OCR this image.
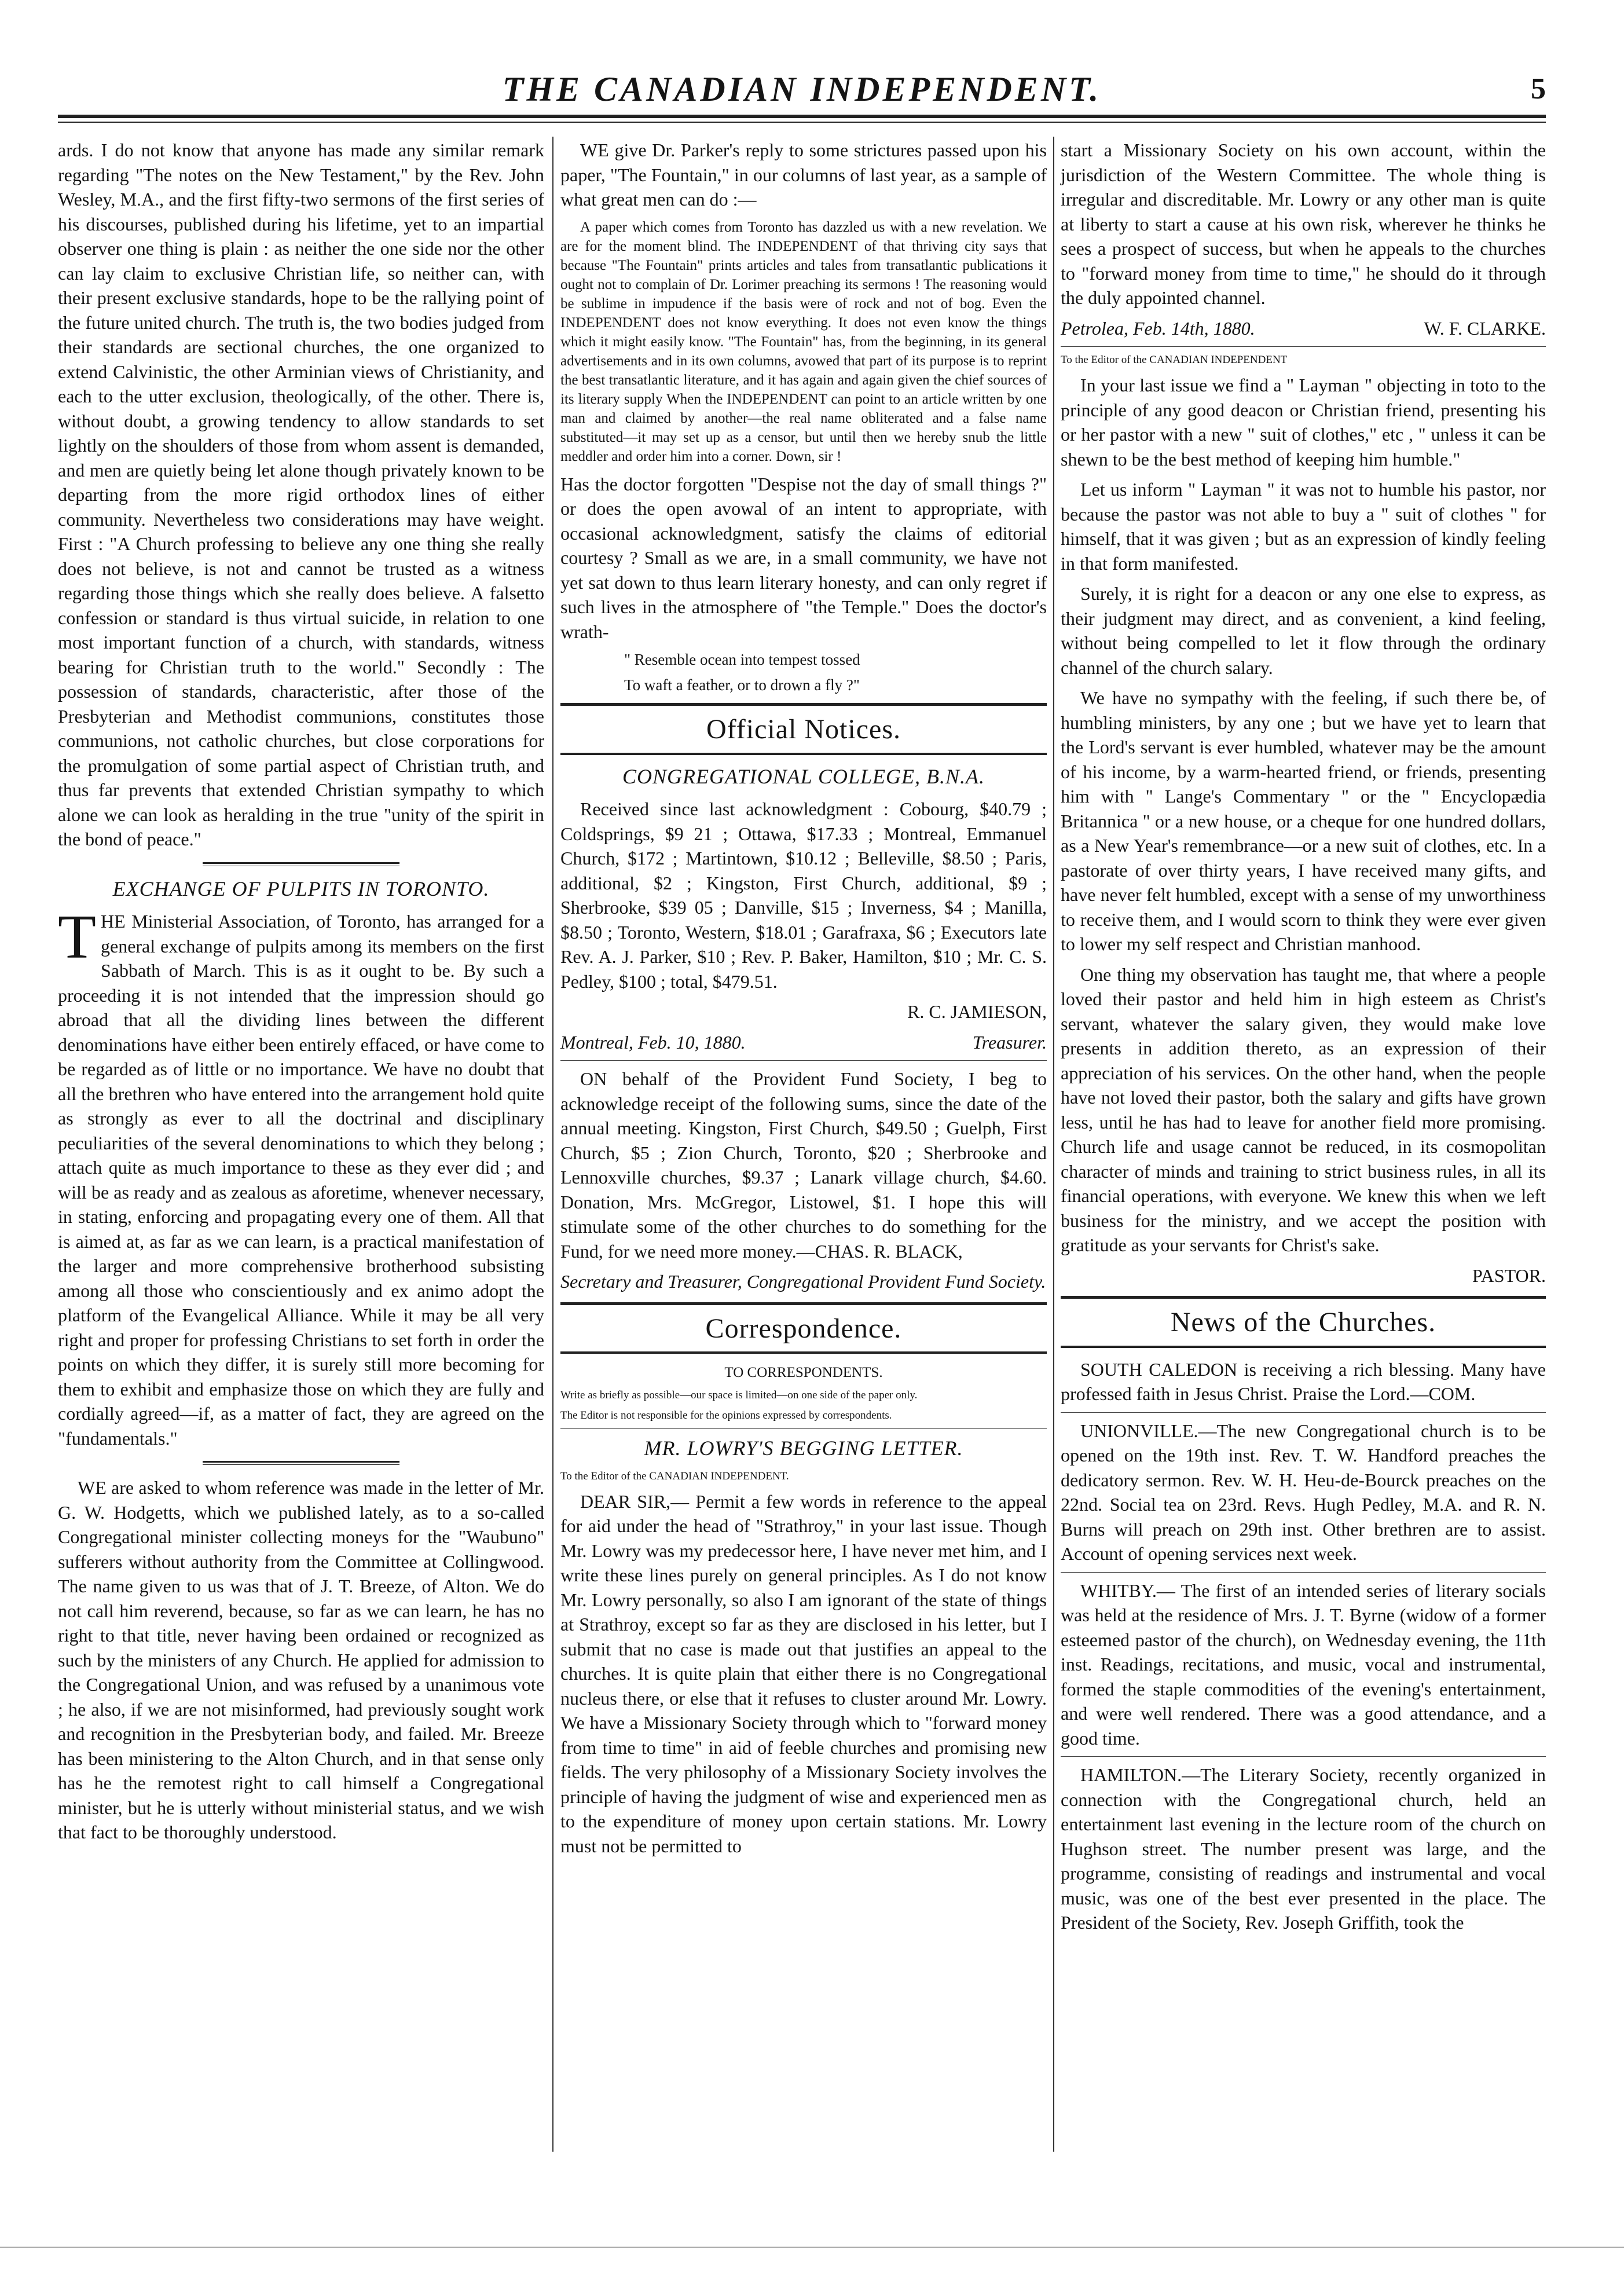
THE CANADIAN INDEPENDENT.	5

ards. I do not know that anyone has made any similar remark regarding "The notes on the New Testament," by the Rev. John Wesley, M.A., and the first fifty-two sermons of the first series of his discourses, published during his lifetime, yet to an impartial observer one thing is plain : as neither the one side nor the other can lay claim to exclusive Christian life, so neither can, with their present exclusive standards, hope to be the rallying point of the future united church. The truth is, the two bodies judged from their standards are sectional churches, the one organized to extend Calvinistic, the other Arminian views of Christianity, and each to the utter exclusion, theologically, of the other. There is, without doubt, a growing tendency to allow standards to set lightly on the shoulders of those from whom assent is demanded, and men are quietly being let alone though privately known to be departing from the more rigid orthodox lines of either community. Nevertheless two considerations may have weight. First : "A Church professing to believe any one thing she really does not believe, is not and cannot be trusted as a witness regarding those things which she really does believe. A falsetto confession or standard is thus virtual suicide, in relation to one most important function of a church, with standards, witness bearing for Christian truth to the world." Secondly : The possession of standards, characteristic, after those of the Presbyterian and Methodist communions, constitutes those communions, not catholic churches, but close corporations for the promulgation of some partial aspect of Christian truth, and thus far prevents that extended Christian sympathy to which alone we can look as heralding in the true "unity of the spirit in the bond of peace."

EXCHANGE OF PULPITS IN TORONTO.

THE Ministerial Association, of Toronto, has arranged for a general exchange of pulpits among its members on the first Sabbath of March. This is as it ought to be. By such a proceeding it is not intended that the impression should go abroad that all the dividing lines between the different denominations have either been entirely effaced, or have come to be regarded as of little or no importance. We have no doubt that all the brethren who have entered into the arrangement hold quite as strongly as ever to all the doctrinal and disciplinary peculiarities of the several denominations to which they belong ; attach quite as much importance to these as they ever did ; and will be as ready and as zealous as aforetime, whenever necessary, in stating, enforcing and propagating every one of them. All that is aimed at, as far as we can learn, is a practical manifestation of the larger and more comprehensive brotherhood subsisting among all those who conscientiously and ex animo adopt the platform of the Evangelical Alliance. While it may be all very right and proper for professing Christians to set forth in order the points on which they differ, it is surely still more becoming for them to exhibit and emphasize those on which they are fully and cordially agreed—if, as a matter of fact, they are agreed on the "fundamentals."

WE are asked to whom reference was made in the letter of Mr. G. W. Hodgetts, which we published lately, as to a so-called Congregational minister collecting moneys for the "Waubuno" sufferers without authority from the Committee at Collingwood. The name given to us was that of J. T. Breeze, of Alton. We do not call him reverend, because, so far as we can learn, he has no right to that title, never having been ordained or recognized as such by the ministers of any Church. He applied for admission to the Congregational Union, and was refused by a unanimous vote ; he also, if we are not misinformed, had previously sought work and recognition in the Presbyterian body, and failed. Mr. Breeze has been ministering to the Alton Church, and in that sense only has he the remotest right to call himself a Congregational minister, but he is utterly without ministerial status, and we wish that fact to be thoroughly understood.

WE give Dr. Parker's reply to some strictures passed upon his paper, "The Fountain," in our columns of last year, as a sample of what great men can do :—

A paper which comes from Toronto has dazzled us with a new revelation. We are for the moment blind. The INDEPENDENT of that thriving city says that because "The Fountain" prints articles and tales from transatlantic publications it ought not to complain of Dr. Lorimer preaching its sermons ! The reasoning would be sublime in impudence if the basis were of rock and not of bog. Even the INDEPENDENT does not know everything. It does not even know the things which it might easily know. "The Fountain" has, from the beginning, in its general advertisements and in its own columns, avowed that part of its purpose is to reprint the best transatlantic literature, and it has again and again given the chief sources of its literary supply When the INDEPENDENT can point to an article written by one man and claimed by another—the real name obliterated and a false name substituted—it may set up as a censor, but until then we hereby snub the little meddler and order him into a corner. Down, sir !

Has the doctor forgotten "Despise not the day of small things ?" or does the open avowal of an intent to appropriate, with occasional acknowledgment, satisfy the claims of editorial courtesy ? Small as we are, in a small community, we have not yet sat down to thus learn literary honesty, and can only regret if such lives in the atmosphere of "the Temple." Does the doctor's wrath-

" Resemble ocean into tempest tossed

To waft a feather, or to drown a fly ?"

Official Notices.
CONGREGATIONAL COLLEGE, B.N.A.

Received since last acknowledgment : Cobourg, $40.79 ; Coldsprings, $9 21 ; Ottawa, $17.33 ; Montreal, Emmanuel Church, $172 ; Martintown, $10.12 ; Belleville, $8.50 ; Paris, additional, $2 ; Kingston, First Church, additional, $9 ; Sherbrooke, $39 05 ; Danville, $15 ; Inverness, $4 ; Manilla, $8.50 ; Toronto, Western, $18.01 ; Garafraxa, $6 ; Executors late Rev. A. J. Parker, $10 ; Rev. P. Baker, Hamilton, $10 ; Mr. C. S. Pedley, $100 ; total, $479.51.

R. C. JAMIESON,

Montreal, Feb. 10, 1880.	Treasurer.

ON behalf of the Provident Fund Society, I beg to acknowledge receipt of the following sums, since the date of the annual meeting. Kingston, First Church, $49.50 ; Guelph, First Church, $5 ; Zion Church, Toronto, $20 ; Sherbrooke and Lennoxville churches, $9.37 ; Lanark village church, $4.60. Donation, Mrs. McGregor, Listowel, $1. I hope this will stimulate some of the other churches to do something for the Fund, for we need more money.—CHAS. R. BLACK,

Secretary and Treasurer, Congregational Provident Fund Society.

Correspondence.

TO CORRESPONDENTS.

Write as briefly as possible—our space is limited—on one side of the paper only.

The Editor is not responsible for the opinions expressed by correspondents.

MR. LOWRY'S BEGGING LETTER.

To the Editor of the CANADIAN INDEPENDENT.

DEAR SIR,— Permit a few words in reference to the appeal for aid under the head of "Strathroy," in your last issue. Though Mr. Lowry was my predecessor here, I have never met him, and I write these lines purely on general principles. As I do not know Mr. Lowry personally, so also I am ignorant of the state of things at Strathroy, except so far as they are disclosed in his letter, but I submit that no case is made out that justifies an appeal to the churches. It is quite plain that either there is no Congregational nucleus there, or else that it refuses to cluster around Mr. Lowry. We have a Missionary Society through which to "forward money from time to time" in aid of feeble churches and promising new fields. The very philosophy of a Missionary Society involves the principle of having the judgment of wise and experienced men as to the expenditure of money upon certain stations. Mr. Lowry must not be permitted to

start a Missionary Society on his own account, within the jurisdiction of the Western Committee. The whole thing is irregular and discreditable. Mr. Lowry or any other man is quite at liberty to start a cause at his own risk, wherever he thinks he sees a prospect of success, but when he appeals to the churches to "forward money from time to time," he should do it through the duly appointed channel.

Petrolea, Feb. 14th, 1880.	W. F. CLARKE.

To the Editor of the CANADIAN INDEPENDENT

In your last issue we find a " Layman " objecting in toto to the principle of any good deacon or Christian friend, presenting his or her pastor with a new " suit of clothes," etc , " unless it can be shewn to be the best method of keeping him humble."

Let us inform " Layman " it was not to humble his pastor, nor because the pastor was not able to buy a " suit of clothes " for himself, that it was given ; but as an expression of kindly feeling in that form manifested.

Surely, it is right for a deacon or any one else to express, as their judgment may direct, and as convenient, a kind feeling, without being compelled to let it flow through the ordinary channel of the church salary.

We have no sympathy with the feeling, if such there be, of humbling ministers, by any one ; but we have yet to learn that the Lord's servant is ever humbled, whatever may be the amount of his income, by a warm-hearted friend, or friends, presenting him with " Lange's Commentary " or the " Encyclopædia Britannica " or a new house, or a cheque for one hundred dollars, as a New Year's remembrance—or a new suit of clothes, etc. In a pastorate of over thirty years, I have received many gifts, and have never felt humbled, except with a sense of my unworthiness to receive them, and I would scorn to think they were ever given to lower my self respect and Christian manhood.

One thing my observation has taught me, that where a people loved their pastor and held him in high esteem as Christ's servant, whatever the salary given, they would make love presents in addition thereto, as an expression of their appreciation of his services. On the other hand, when the people have not loved their pastor, both the salary and gifts have grown less, until he has had to leave for another field more promising. Church life and usage cannot be reduced, in its cosmopolitan character of minds and training to strict business rules, in all its financial operations, with everyone. We knew this when we left business for the ministry, and we accept the position with gratitude as your servants for Christ's sake.

PASTOR.

News of the Churches.

SOUTH CALEDON is receiving a rich blessing. Many have professed faith in Jesus Christ. Praise the Lord.—COM.

UNIONVILLE.—The new Congregational church is to be opened on the 19th inst. Rev. T. W. Handford preaches the dedicatory sermon. Rev. W. H. Heu-de-Bourck preaches on the 22nd. Social tea on 23rd. Revs. Hugh Pedley, M.A. and R. N. Burns will preach on 29th inst. Other brethren are to assist. Account of opening services next week.

WHITBY.— The first of an intended series of literary socials was held at the residence of Mrs. J. T. Byrne (widow of a former esteemed pastor of the church), on Wednesday evening, the 11th inst. Readings, recitations, and music, vocal and instrumental, formed the staple commodities of the evening's entertainment, and were well rendered. There was a good attendance, and a good time.

HAMILTON.—The Literary Society, recently organized in connection with the Congregational church, held an entertainment last evening in the lecture room of the church on Hughson street. The number present was large, and the programme, consisting of readings and instrumental and vocal music, was one of the best ever presented in the place. The President of the Society, Rev. Joseph Griffith, took the
